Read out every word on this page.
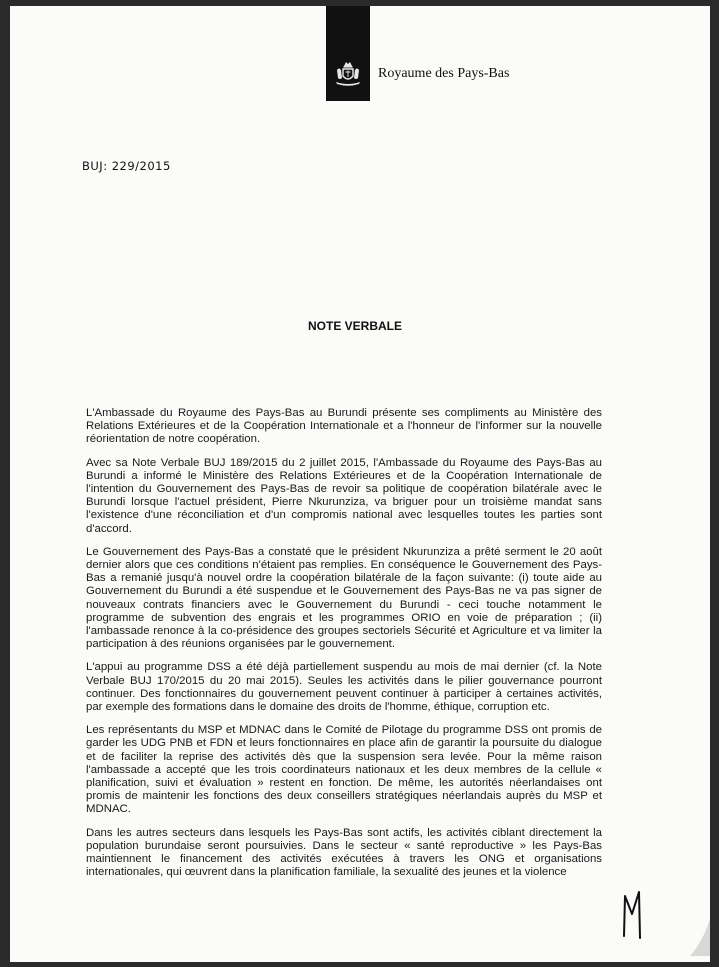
Royaume des Pays-Bas
BUJ: 229/2015
NOTE VERBALE

L'Ambassade du Royaume des Pays-Bas au Burundi présente ses compliments au Ministère des Relations Extérieures et de la Coopération Internationale et a l'honneur de l'informer sur la nouvelle réorientation de notre coopération.

Avec sa Note Verbale BUJ 189/2015 du 2 juillet 2015, l'Ambassade du Royaume des Pays-Bas au Burundi a informé le Ministère des Relations Extérieures et de la Coopération Internationale de l'intention du Gouvernement des Pays-Bas de revoir sa politique de coopération bilatérale avec le Burundi lorsque l'actuel président, Pierre Nkurunziza, va briguer pour un troisième mandat sans l'existence d'une réconciliation et d'un compromis national avec lesquelles toutes les parties sont d'accord.

Le Gouvernement des Pays-Bas a constaté que le président Nkurunziza a prêté serment le 20 août dernier alors que ces conditions n'étaient pas remplies. En conséquence le Gouvernement des Pays-Bas a remanié jusqu'à nouvel ordre la coopération bilatérale de la façon suivante: (i) toute aide au Gouvernement du Burundi a été suspendue et le Gouvernement des Pays-Bas ne va pas signer de nouveaux contrats financiers avec le Gouvernement du Burundi - ceci touche notamment le programme de subvention des engrais et les programmes ORIO en voie de préparation ; (ii) l'ambassade renonce à la co-présidence des groupes sectoriels Sécurité et Agriculture et va limiter la participation à des réunions organisées par le gouvernement.

L'appui au programme DSS a été déjà partiellement suspendu au mois de mai dernier (cf. la Note Verbale BUJ 170/2015 du 20 mai 2015). Seules les activités dans le pilier gouvernance pourront continuer. Des fonctionnaires du gouvernement peuvent continuer à participer à certaines activités, par exemple des formations dans le domaine des droits de l'homme, éthique, corruption etc.

Les représentants du MSP et MDNAC dans le Comité de Pilotage du programme DSS ont promis de garder les UDG PNB et FDN et leurs fonctionnaires en place afin de garantir la poursuite du dialogue et de faciliter la reprise des activités dès que la suspension sera levée. Pour la même raison l'ambassade a accepté que les trois coordinateurs nationaux et les deux membres de la cellule « planification, suivi et évaluation » restent en fonction. De même, les autorités néerlandaises ont promis de maintenir les fonctions des deux conseillers stratégiques néerlandais auprès du MSP et MDNAC.

Dans les autres secteurs dans lesquels les Pays-Bas sont actifs, les activités ciblant directement la population burundaise seront poursuivies. Dans le secteur « santé reproductive » les Pays-Bas maintiennent le financement des activités exécutées à travers les ONG et organisations internationales, qui œuvrent dans la planification familiale, la sexualité des jeunes et la violence
